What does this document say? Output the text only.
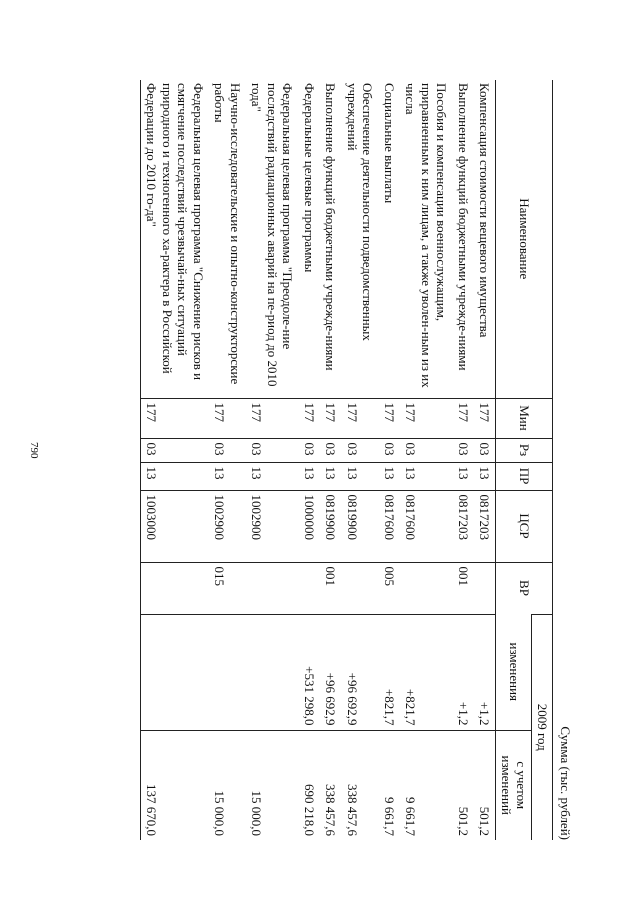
790
Сумма (тыс. рублей)
Наименование	Мин	Рз	ПР	ЦСР	ВР	2009 год	
						изменения	с учетом изменений
Компенсация стоимости вещевого имущества	177	03	13	0817203		+1,2	501,2
Выполнение функций бюджетными учрежде-ниями	177	03	13	0817203	001	+1,2	501,2
Пособия и компенсации военнослужащим, приравненным к ним лицам, а также уволен-ным из их числа	177	03	13	0817600		+821,7	9 661,7
Социальные выплаты	177	03	13	0817600	005	+821,7	9 661,7
Обеспечение деятельности подведомственных учреждений	177	03	13	0819900		+96 692,9	338 457,6
Выполнение функций бюджетными учрежде-ниями	177	03	13	0819900	001	+96 692,9	338 457,6
Федеральные целевые программы	177	03	13	1000000		+531 298,0	690 218,0
Федеральная целевая программа "Преодоле-ние последствий радиационных аварий на пе-риод до 2010 года"	177	03	13	1002900			15 000,0
Научно-исследовательские и опытно-конструкторские работы	177	03	13	1002900	015		15 000,0
Федеральная целевая программа "Снижение рисков и смягчение последствий чрезвычай-ных ситуаций природного и техногенного ха-рактера в Российской Федерации до 2010 го-да"	177	03	13	1003000			137 670,0
